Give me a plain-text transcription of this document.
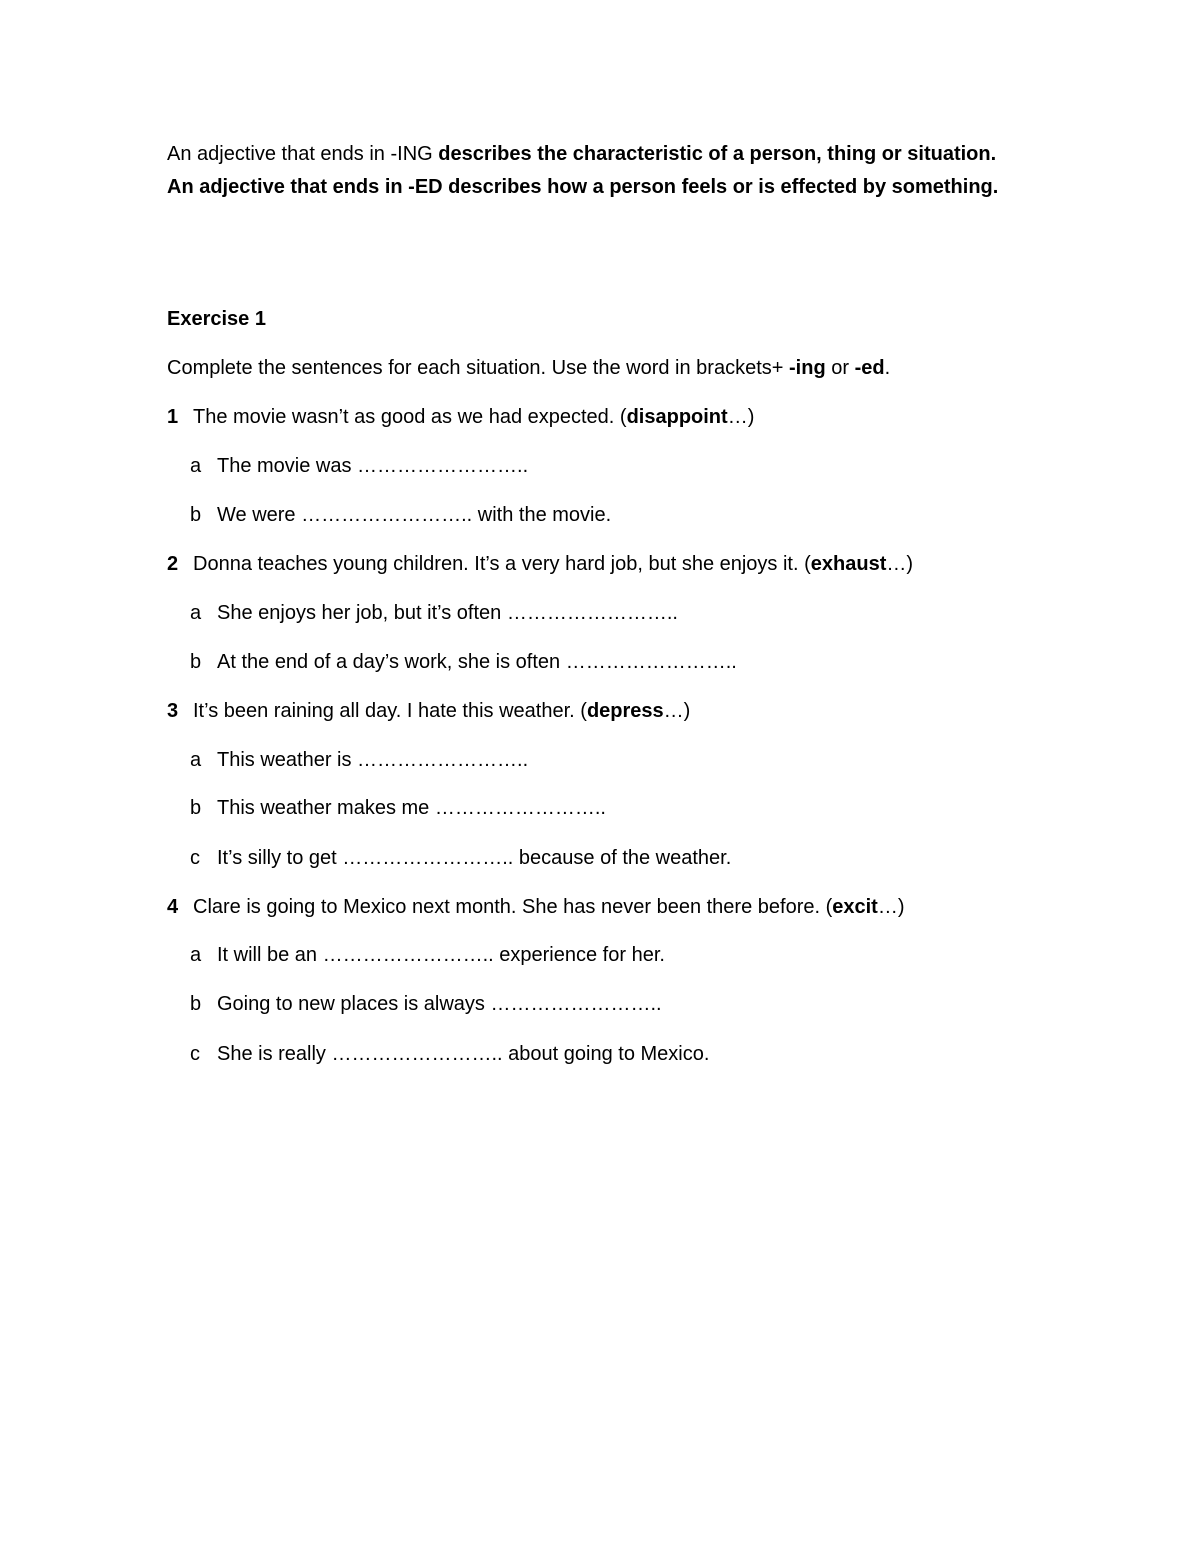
An adjective that ends in -ING describes the characteristic of a person, thing or situation. An adjective that ends in -ED describes how a person feels or is effected by something.
Exercise 1
Complete the sentences for each situation. Use the word in brackets+ -ing or -ed.
1 The movie wasn’t as good as we had expected. (disappoint…)
a The movie was ……………………..
b We were …………………….. with the movie.
2 Donna teaches young children. It’s a very hard job, but she enjoys it. (exhaust…)
a She enjoys her job, but it’s often ……………………..
b At the end of a day’s work, she is often ……………………..
3 It’s been raining all day. I hate this weather. (depress…)
a This weather is ……………………..
b This weather makes me ……………………..
c It’s silly to get …………………….. because of the weather.
4 Clare is going to Mexico next month. She has never been there before. (excit…)
a It will be an …………………….. experience for her.
b Going to new places is always ……………………..
c She is really …………………….. about going to Mexico.
